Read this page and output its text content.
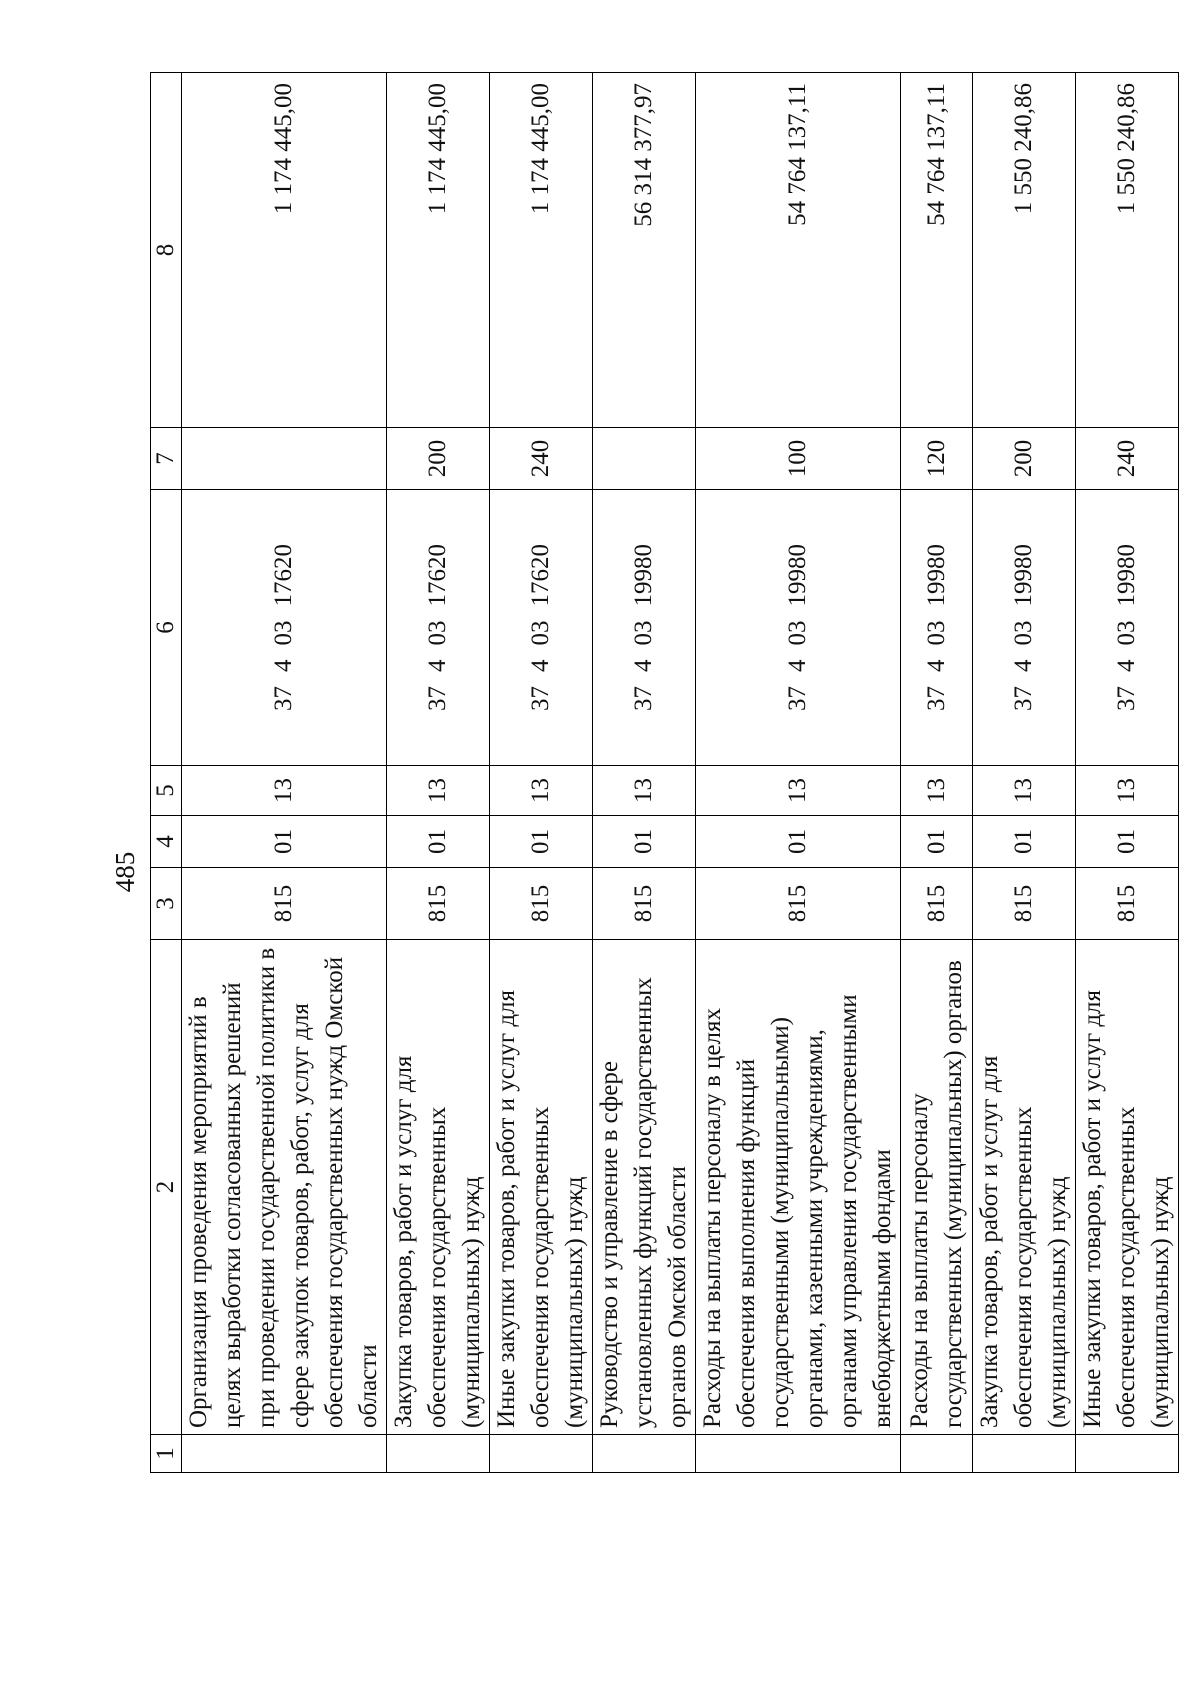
485
1	2	3	4	5	6	7	8
	Организация проведения мероприятий в целях выработки согласованных решений при проведении государственной политики в сфере закупок товаров, работ, услуг для обеспечения государственных нужд Омской области	815	01	13	3740317620		1 174 445,00
	Закупка товаров, работ и услуг для обеспечения государственных (муниципальных) нужд	815	01	13	3740317620	200	1 174 445,00
	Иные закупки товаров, работ и услуг для обеспечения государственных (муниципальных) нужд	815	01	13	3740317620	240	1 174 445,00
	Руководство и управление в сфере установленных функций государственных органов Омской области	815	01	13	3740319980		56 314 377,97
	Расходы на выплаты персоналу в целях обеспечения выполнения функций государственными (муниципальными) органами, казенными учреждениями, органами управления государственными внебюджетными фондами	815	01	13	3740319980	100	54 764 137,11
	Расходы на выплаты персоналу государственных (муниципальных) органов	815	01	13	3740319980	120	54 764 137,11
	Закупка товаров, работ и услуг для обеспечения государственных (муниципальных) нужд	815	01	13	3740319980	200	1 550 240,86
	Иные закупки товаров, работ и услуг для обеспечения государственных (муниципальных) нужд	815	01	13	3740319980	240	1 550 240,86
